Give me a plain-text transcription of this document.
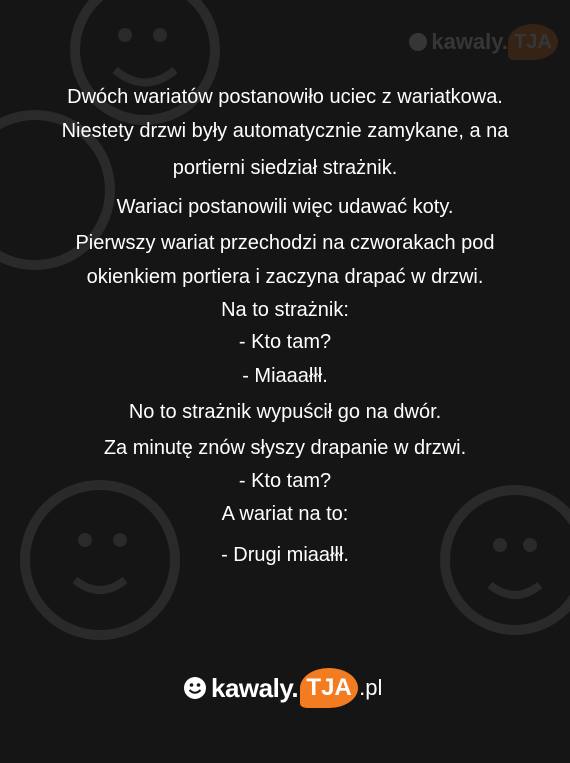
kawaly. TJA

Dwóch wariatów postanowiło uciec z wariatkowa.

Niestety drzwi były automatycznie zamykane, a na

portierni siedział strażnik.

Wariaci postanowili więc udawać koty.

Pierwszy wariat przechodzi na czworakach pod

okienkiem portiera i zaczyna drapać w drzwi.

Na to strażnik:

- Kto tam?

- Miaaałłł.

No to strażnik wypuścił go na dwór.

Za minutę znów słyszy drapanie w drzwi.

- Kto tam?

A wariat na to:

- Drugi miaałłł.

kawaly. TJA .pl
